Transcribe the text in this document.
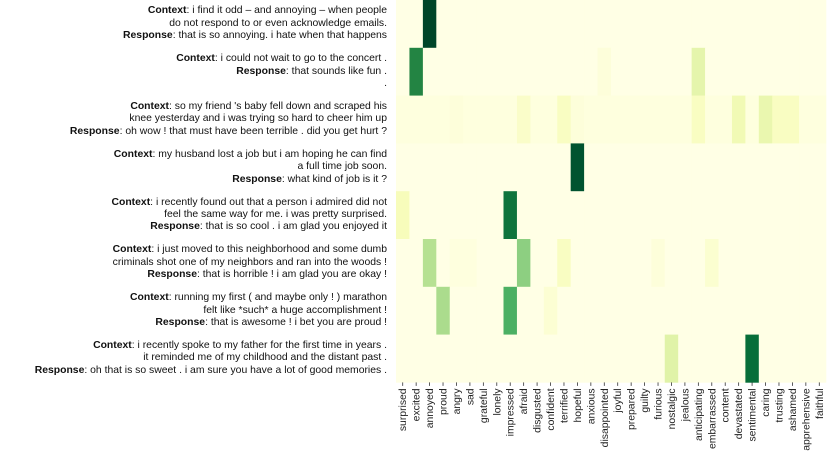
Context: i find it odd – and annoying – when people
do not respond to or even acknowledge emails.
Response: that is so annoying. i hate when that happens
Context: i could not wait to go to the concert .
Response: that sounds like fun .
.
Context: so my friend 's baby fell down and scraped his
knee yesterday and i was trying so hard to cheer him up
Response: oh wow ! that must have been terrible . did you get hurt ?
Context: my husband lost a job but i am hoping he can find
a full time job soon.
Response: what kind of job is it ?
Context: i recently found out that a person i admired did not
feel the same way for me. i was pretty surprised.
Response: that is so cool . i am glad you enjoyed it
Context: i just moved to this neighborhood and some dumb
criminals shot one of my neighbors and ran into the woods !
Response: that is horrible ! i am glad you are okay !
Context: running my first ( and maybe only ! ) marathon
felt like *such* a huge accomplishment !
Response: that is awesome ! i bet you are proud !
Context: i recently spoke to my father for the first time in years .
it reminded me of my childhood and the distant past .
Response: oh that is so sweet . i am sure you have a lot of good memories .
surprised excited annoyed proud angry sad grateful lonely impressed afraid disgusted confident terrified hopeful anxious disappointed joyful prepared guilty furious nostalgic jealous anticipating embarrassed content devastated sentimental caring trusting ashamed apprehensive faithful
